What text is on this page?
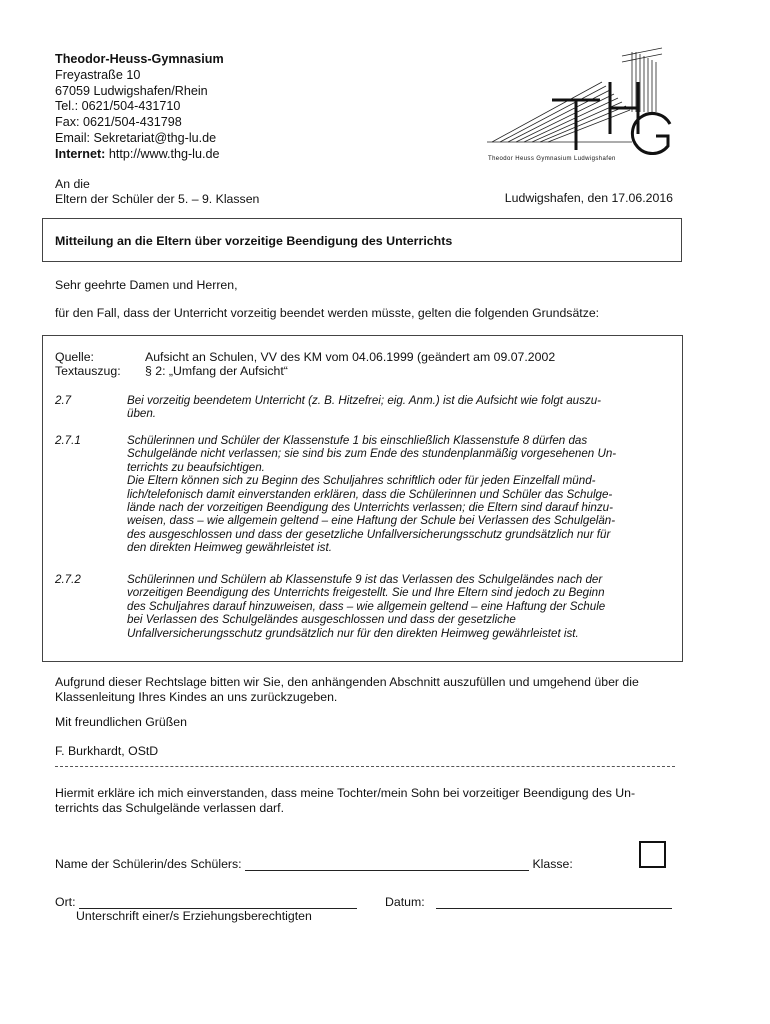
Theodor-Heuss-Gymnasium
Freyastraße 10
67059 Ludwigshafen/Rhein
Tel.: 0621/504-431710
Fax: 0621/504-431798
Email: Sekretariat@thg-lu.de
Internet: http://www.thg-lu.de	Theodor Heuss Gymnasium Ludwigshafen
An die
Eltern der Schüler der 5. – 9. Klassen	Ludwigshafen, den 17.06.2016
Mitteilung an die Eltern über vorzeitige Beendigung des Unterrichts
Sehr geehrte Damen und Herren,
für den Fall, dass der Unterricht vorzeitig beendet werden müsste, gelten die folgenden Grundsätze:
Quelle:	Aufsicht an Schulen, VV des KM vom 04.06.1999 (geändert am 09.07.2002
Textauszug: § 2: „Umfang der Aufsicht“
2.7	Bei vorzeitig beendetem Unterricht (z. B. Hitzefrei; eig. Anm.) ist die Aufsicht wie folgt auszu-
üben.
2.7.1	Schülerinnen und Schüler der Klassenstufe 1 bis einschließlich Klassenstufe 8 dürfen das
Schulgelände nicht verlassen; sie sind bis zum Ende des stundenplanmäßig vorgesehenen Un-
terrichts zu beaufsichtigen.
Die Eltern können sich zu Beginn des Schuljahres schriftlich oder für jeden Einzelfall münd-
lich/telefonisch damit einverstanden erklären, dass die Schülerinnen und Schüler das Schulge-
lände nach der vorzeitigen Beendigung des Unterrichts verlassen; die Eltern sind darauf hinzu-
weisen, dass – wie allgemein geltend – eine Haftung der Schule bei Verlassen des Schulgelän-
des ausgeschlossen und dass der gesetzliche Unfallversicherungsschutz grundsätzlich nur für
den direkten Heimweg gewährleistet ist.
2.7.2	Schülerinnen und Schülern ab Klassenstufe 9 ist das Verlassen des Schulgeländes nach der
vorzeitigen Beendigung des Unterrichts freigestellt. Sie und Ihre Eltern sind jedoch zu Beginn
des Schuljahres darauf hinzuweisen, dass – wie allgemein geltend – eine Haftung der Schule
bei Verlassen des Schulgeländes ausgeschlossen und dass der gesetzliche
Unfallversicherungsschutz grundsätzlich nur für den direkten Heimweg gewährleistet ist.
Aufgrund dieser Rechtslage bitten wir Sie, den anhängenden Abschnitt auszufüllen und umgehend über die
Klassenleitung Ihres Kindes an uns zurückzugeben.
Mit freundlichen Grüßen
F. Burkhardt, OStD
Hiermit erkläre ich mich einverstanden, dass meine Tochter/mein Sohn bei vorzeitiger Beendigung des Un-
terrichts das Schulgelände verlassen darf.
Name der Schülerin/des Schülers:	Klasse:
Ort:	Datum:
Unterschrift einer/s Erziehungsberechtigten
